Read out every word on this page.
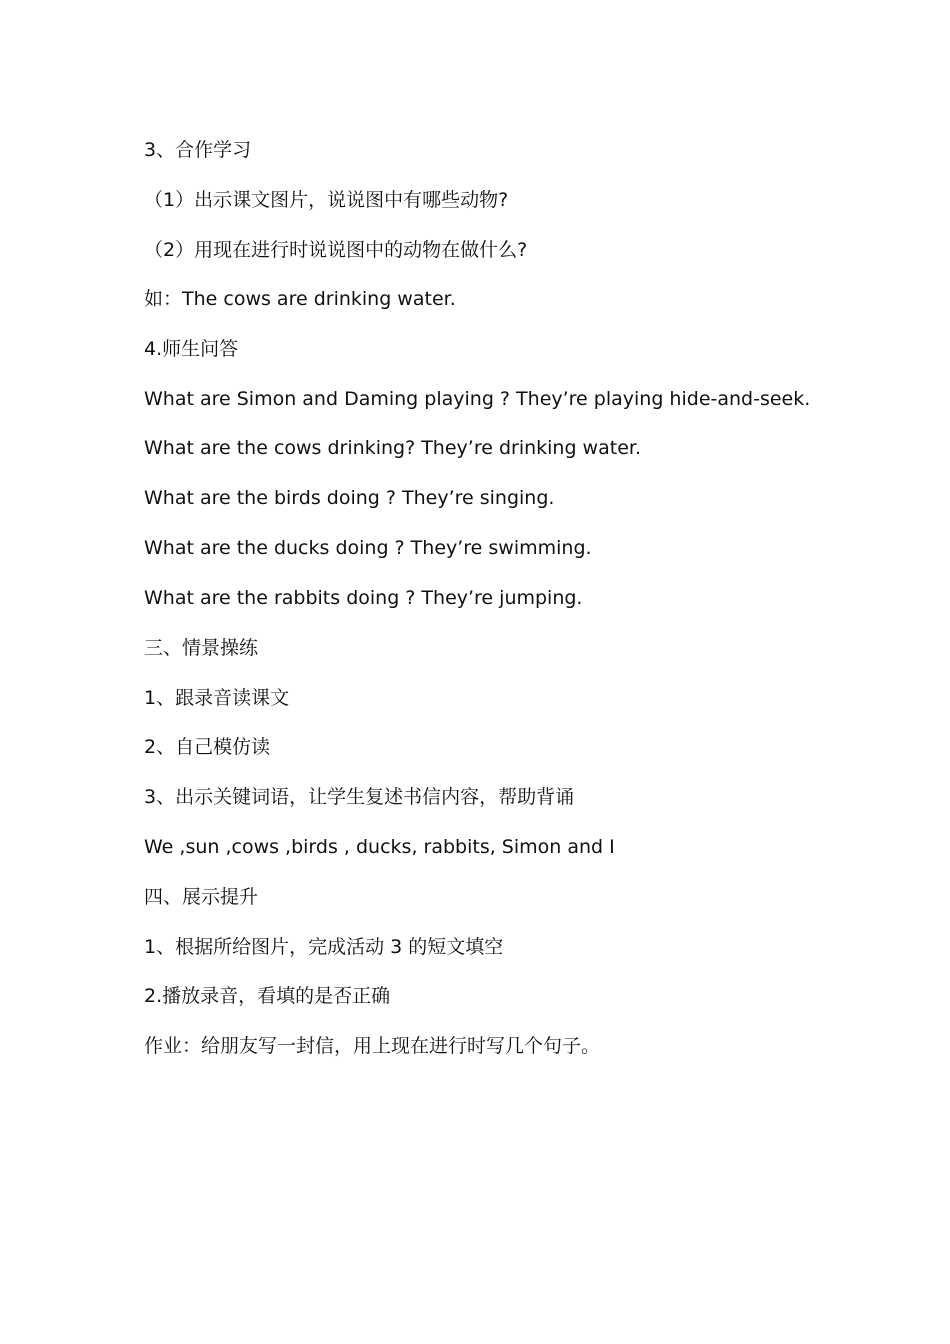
3、合作学习
（1）出示课文图片，说说图中有哪些动物?
（2）用现在进行时说说图中的动物在做什么?
如：The cows are drinking water.
4.师生问答
What are Simon and Daming playing ? They’re playing hide-and-seek.
What are the cows drinking? They’re drinking water.
What are the birds doing ? They’re singing.
What are the ducks doing ? They’re swimming.
What are the rabbits doing ? They’re jumping.
三、情景操练
1、跟录音读课文
2、自己模仿读
3、出示关键词语，让学生复述书信内容，帮助背诵
We ,sun ,cows ,birds , ducks, rabbits, Simon and I
四、展示提升
1、根据所给图片，完成活动 3 的短文填空
2.播放录音，看填的是否正确
作业：给朋友写一封信，用上现在进行时写几个句子。
